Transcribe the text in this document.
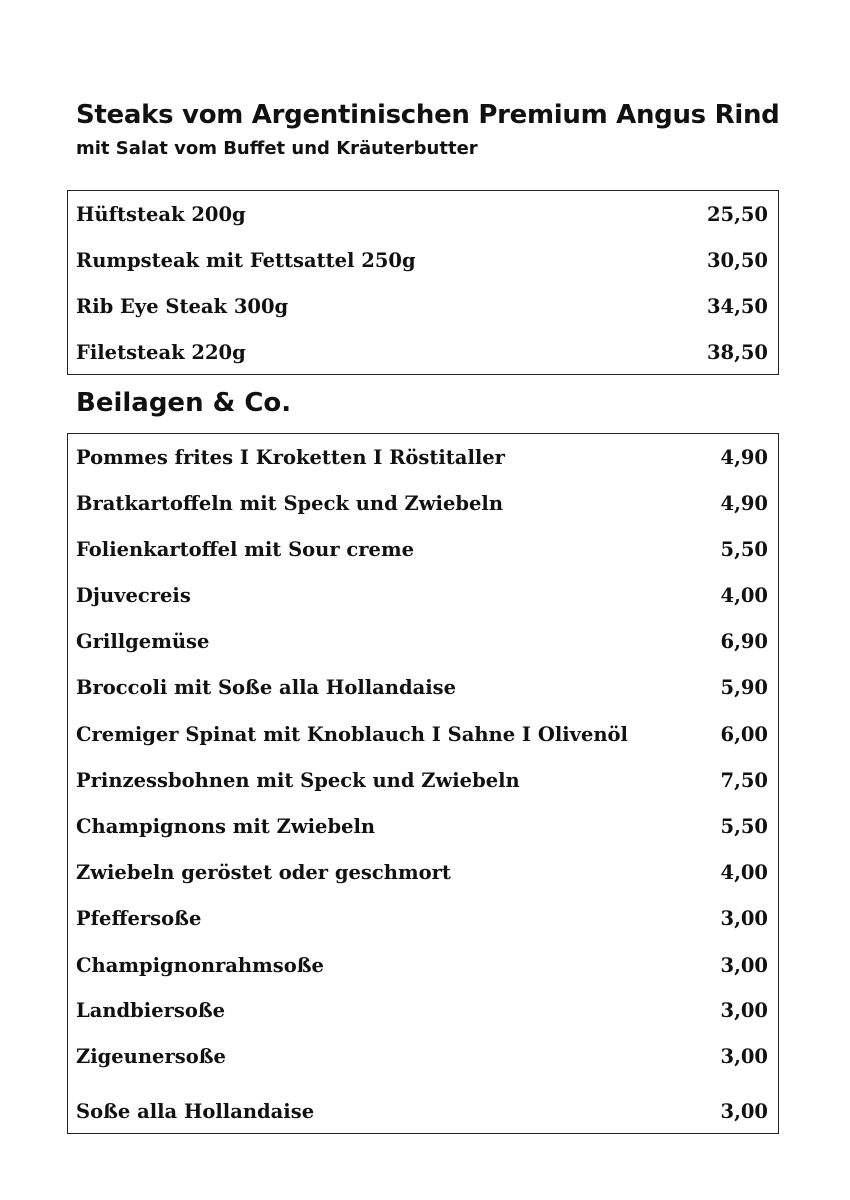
Steaks vom Argentinischen Premium Angus Rind
mit Salat vom Buffet und Kräuterbutter
Hüftsteak 200g	25,50
Rumpsteak mit Fettsattel 250g	30,50
Rib Eye Steak 300g	34,50
Filetsteak 220g	38,50
Beilagen & Co.
Pommes frites I Kroketten I Röstitaller	4,90
Bratkartoffeln mit Speck und Zwiebeln	4,90
Folienkartoffel mit Sour creme	5,50
Djuvecreis	4,00
Grillgemüse	6,90
Broccoli mit Soße alla Hollandaise	5,90
Cremiger Spinat mit Knoblauch I Sahne I Olivenöl	6,00
Prinzessbohnen mit Speck und Zwiebeln	7,50
Champignons mit Zwiebeln	5,50
Zwiebeln geröstet oder geschmort	4,00
Pfeffersoße	3,00
Champignonrahmsoße	3,00
Landbiersoße	3,00
Zigeunersoße	3,00
Soße alla Hollandaise	3,00
